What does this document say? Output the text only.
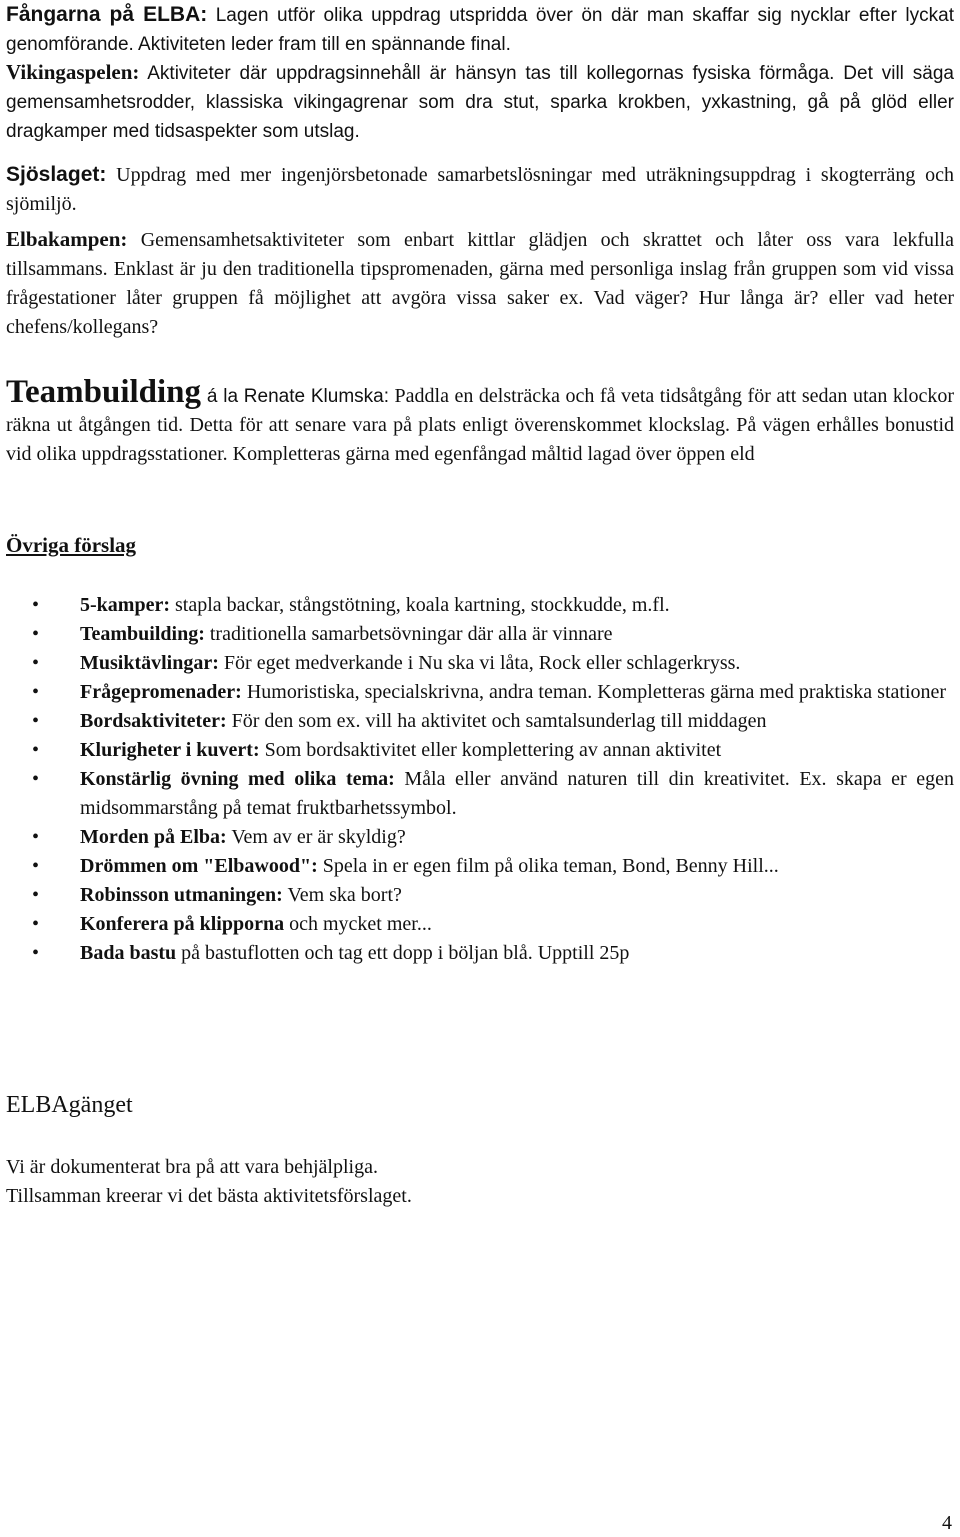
Fångarna på ELBA: Lagen utför olika uppdrag utspridda över ön där man skaffar sig nycklar efter lyckat genomförande. Aktiviteten leder fram till en spännande final.

Vikingaspelen: Aktiviteter där uppdragsinnehåll är hänsyn tas till kollegornas fysiska förmåga. Det vill säga gemensamhetsrodder, klassiska vikingagrenar som dra stut, sparka krokben, yxkastning, gå på glöd eller dragkamper med tidsaspekter som utslag.

Sjöslaget: Uppdrag med mer ingenjörsbetonade samarbetslösningar med uträkningsuppdrag i skogterräng och sjömiljö.

Elbakampen: Gemensamhetsaktiviteter som enbart kittlar glädjen och skrattet och låter oss vara lekfulla tillsammans. Enklast är ju den traditionella tipspromenaden, gärna med personliga inslag från gruppen som vid vissa frågestationer låter gruppen få möjlighet att avgöra vissa saker ex. Vad väger? Hur långa är? eller vad heter chefens/kollegans?

Teambuilding á la Renate Klumska: Paddla en delsträcka och få veta tidsåtgång för att sedan utan klockor räkna ut åtgången tid. Detta för att senare vara på plats enligt överenskommet klockslag. På vägen erhålles bonustid vid olika uppdragsstationer. Kompletteras gärna med egenfångad måltid lagad över öppen eld

Övriga förslag
• 5-kamper: stapla backar, stångstötning, koala kartning, stockkudde, m.fl.
• Teambuilding: traditionella samarbetsövningar där alla är vinnare
• Musiktävlingar: För eget medverkande i Nu ska vi låta, Rock eller schlagerkryss.
• Frågepromenader: Humoristiska, specialskrivna, andra teman. Kompletteras gärna med praktiska stationer
• Bordsaktiviteter: För den som ex. vill ha aktivitet och samtalsunderlag till middagen
• Klurigheter i kuvert: Som bordsaktivitet eller komplettering av annan aktivitet
• Konstärlig övning med olika tema: Måla eller använd naturen till din kreativitet. Ex. skapa er egen midsommarstång på temat fruktbarhetssymbol.
• Morden på Elba: Vem av er är skyldig?
• Drömmen om "Elbawood": Spela in er egen film på olika teman, Bond, Benny Hill...
• Robinsson utmaningen: Vem ska bort?
• Konferera på klipporna och mycket mer...
• Bada bastu på bastuflotten och tag ett dopp i böljan blå. Upptill 25p
ELBAgänget
Vi är dokumenterat bra på att vara behjälpliga.
Tillsamman kreerar vi det bästa aktivitetsförslaget.
4
